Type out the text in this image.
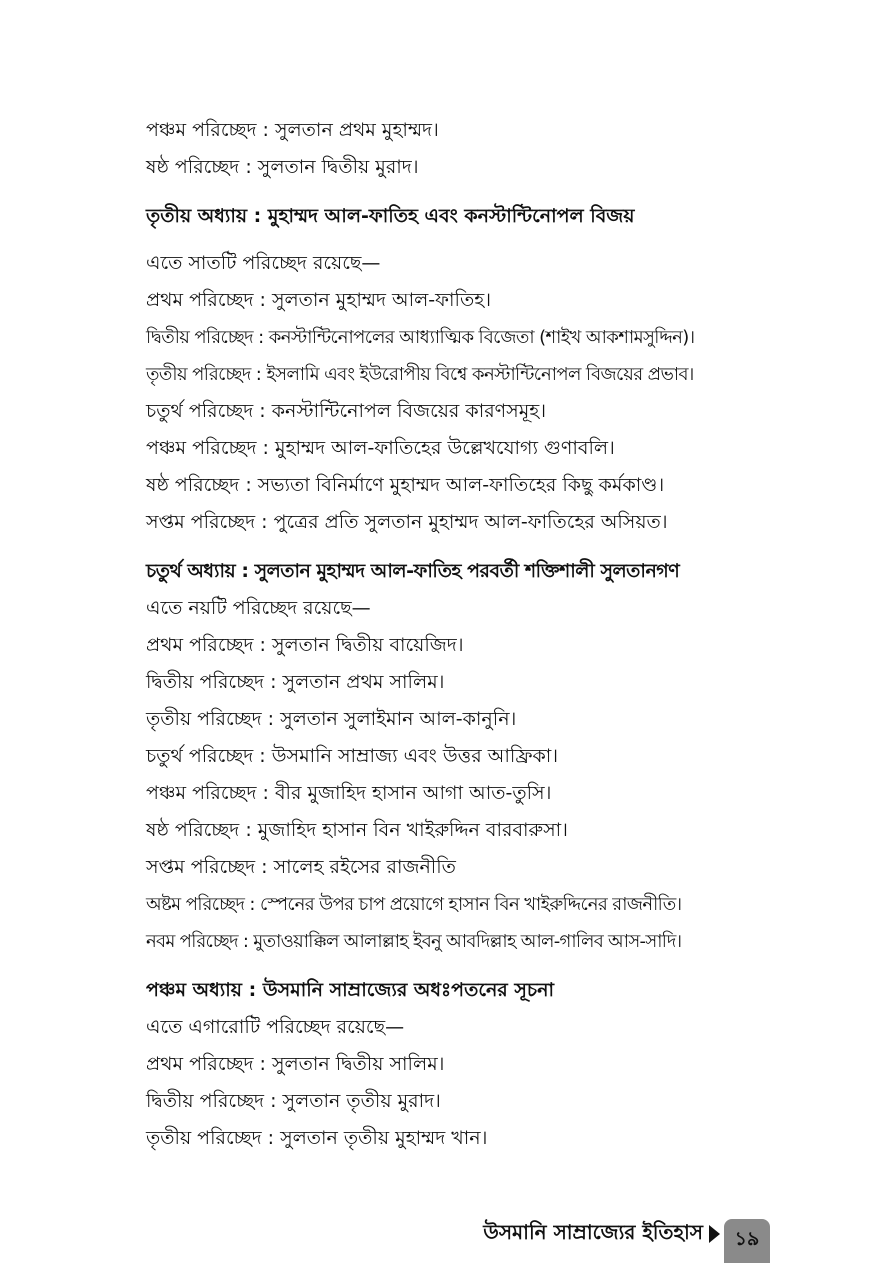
পঞ্চম পরিচ্ছেদ : সুলতান প্রথম মুহাম্মদ।
ষষ্ঠ পরিচ্ছেদ : সুলতান দ্বিতীয় মুরাদ।
তৃতীয় অধ্যায় : মুহাম্মদ আল-ফাতিহ এবং কনস্টান্টিনোপল বিজয়
এতে সাতটি পরিচ্ছেদ রয়েছে—
প্রথম পরিচ্ছেদ : সুলতান মুহাম্মদ আল-ফাতিহ।
দ্বিতীয় পরিচ্ছেদ : কনস্টান্টিনোপলের আধ্যাত্মিক বিজেতা (শাইখ আকশামসুদ্দিন)।
তৃতীয় পরিচ্ছেদ : ইসলামি এবং ইউরোপীয় বিশ্বে কনস্টান্টিনোপল বিজয়ের প্রভাব।
চতুর্থ পরিচ্ছেদ : কনস্টান্টিনোপল বিজয়ের কারণসমূহ।
পঞ্চম পরিচ্ছেদ : মুহাম্মদ আল-ফাতিহের উল্লেখযোগ্য গুণাবলি।
ষষ্ঠ পরিচ্ছেদ : সভ্যতা বিনির্মাণে মুহাম্মদ আল-ফাতিহের কিছু কর্মকাণ্ড।
সপ্তম পরিচ্ছেদ : পুত্রের প্রতি সুলতান মুহাম্মদ আল-ফাতিহের অসিয়ত।
চতুর্থ অধ্যায় : সুলতান মুহাম্মদ আল-ফাতিহ পরবর্তী শক্তিশালী সুলতানগণ
এতে নয়টি পরিচ্ছেদ রয়েছে—
প্রথম পরিচ্ছেদ : সুলতান দ্বিতীয় বায়েজিদ।
দ্বিতীয় পরিচ্ছেদ : সুলতান প্রথম সালিম।
তৃতীয় পরিচ্ছেদ : সুলতান সুলাইমান আল-কানুনি।
চতুর্থ পরিচ্ছেদ : উসমানি সাম্রাজ্য এবং উত্তর আফ্রিকা।
পঞ্চম পরিচ্ছেদ : বীর মুজাহিদ হাসান আগা আত-তুসি।
ষষ্ঠ পরিচ্ছেদ : মুজাহিদ হাসান বিন খাইরুদ্দিন বারবারুসা।
সপ্তম পরিচ্ছেদ : সালেহ রইসের রাজনীতি
অষ্টম পরিচ্ছেদ : স্পেনের উপর চাপ প্রয়োগে হাসান বিন খাইরুদ্দিনের রাজনীতি।
নবম পরিচ্ছেদ : মুতাওয়াক্কিল আলাল্লাহ ইবনু আবদিল্লাহ আল-গালিব আস-সাদি।
পঞ্চম অধ্যায় : উসমানি সাম্রাজ্যের অধঃপতনের সূচনা
এতে এগারোটি পরিচ্ছেদ রয়েছে—
প্রথম পরিচ্ছেদ : সুলতান দ্বিতীয় সালিম।
দ্বিতীয় পরিচ্ছেদ : সুলতান তৃতীয় মুরাদ।
তৃতীয় পরিচ্ছেদ : সুলতান তৃতীয় মুহাম্মদ খান।
উসমানি সাম্রাজ্যের ইতিহাস	১৯
